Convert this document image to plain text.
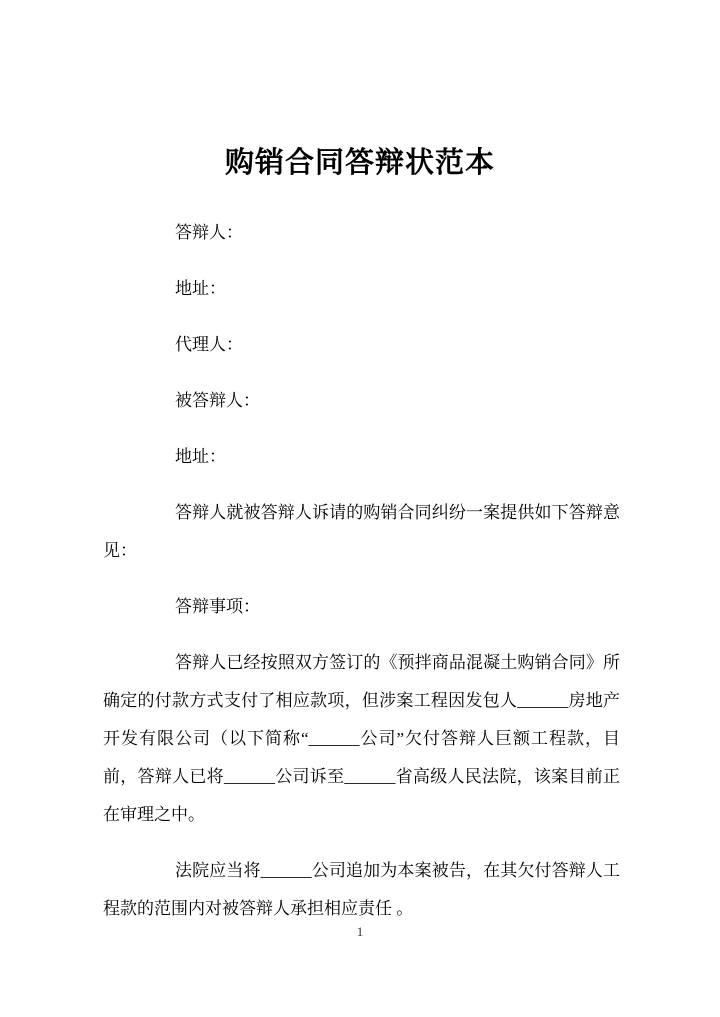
购销合同答辩状范本

答辩人：

地址：

代理人：

被答辩人：

地址：

答辩人就被答辩人诉请的购销合同纠纷一案提供如下答辩意见：

答辩事项：

答辩人已经按照双方签订的《预拌商品混凝土购销合同》所确定的付款方式支付了相应款项，但涉案工程因发包人______房地产开发有限公司（以下简称“______公司”欠付答辩人巨额工程款，目前，答辩人已将______公司诉至______省高级人民法院，该案目前正在审理之中。

法院应当将______公司追加为本案被告，在其欠付答辩人工程款的范围内对被答辩人承担相应责任 。

1
